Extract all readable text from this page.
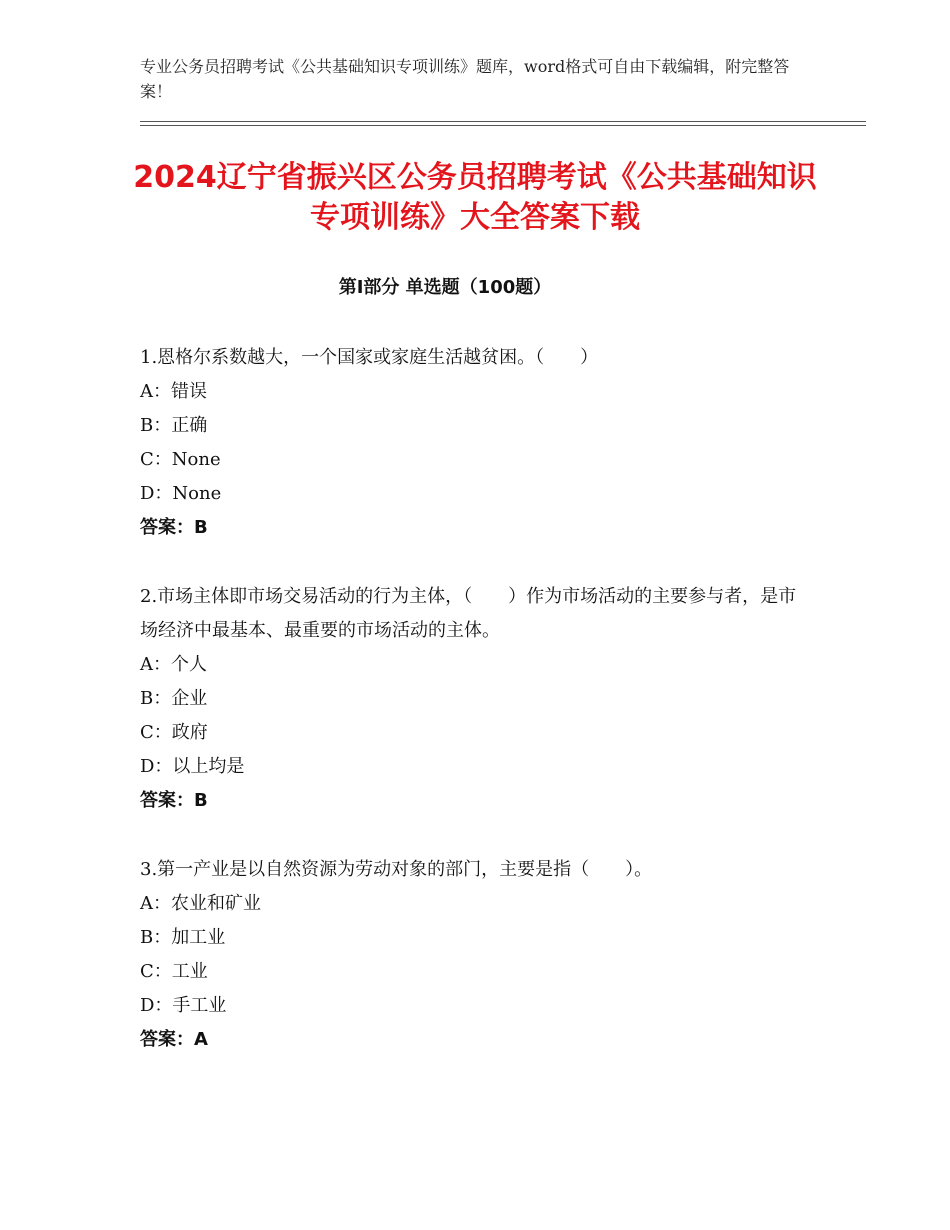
专业公务员招聘考试《公共基础知识专项训练》题库，word格式可自由下载编辑，附完整答案！
2024辽宁省振兴区公务员招聘考试《公共基础知识专项训练》大全答案下载
第Ⅰ部分 单选题（100题）

1.恩格尔系数越大，一个国家或家庭生活越贫困。（　　）

A：错误

B：正确

C：None

D：None

答案：B

2.市场主体即市场交易活动的行为主体，（　　）作为市场活动的主要参与者，是市场经济中最基本、最重要的市场活动的主体。

A：个人

B：企业

C：政府

D：以上均是

答案：B

3.第一产业是以自然资源为劳动对象的部门，主要是指（　　）。

A：农业和矿业

B：加工业

C：工业

D：手工业

答案：A
